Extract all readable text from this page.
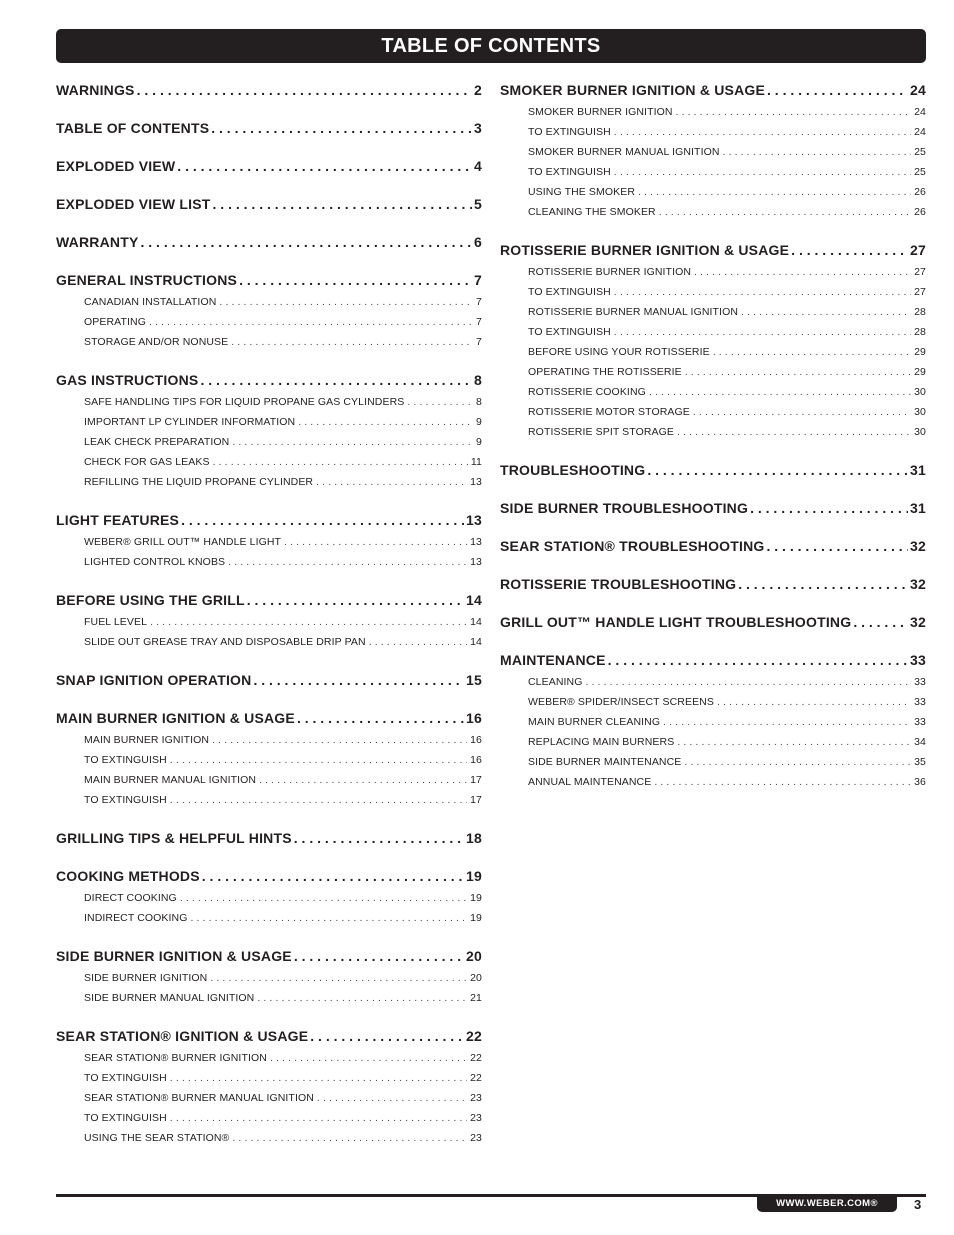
TABLE OF CONTENTS
WARNINGS . . .	2
TABLE OF CONTENTS . . .	3
EXPLODED VIEW . . .	4
EXPLODED VIEW LIST . . .	5
WARRANTY . . .	6
GENERAL INSTRUCTIONS . . .	7
CANADIAN INSTALLATION . . .	7
OPERATING . . .	7
STORAGE AND/OR NONUSE . . .	7
GAS INSTRUCTIONS . . .	8
SAFE HANDLING TIPS FOR LIQUID PROPANE GAS CYLINDERS . . .	8
IMPORTANT LP CYLINDER INFORMATION . . .	9
LEAK CHECK PREPARATION . . .	9
CHECK FOR GAS LEAKS . . .	11
REFILLING THE LIQUID PROPANE CYLINDER . . .	13
LIGHT FEATURES . . .	13
WEBER® GRILL OUT™ HANDLE LIGHT . . .	13
LIGHTED CONTROL KNOBS . . .	13
BEFORE USING THE GRILL . . .	14
FUEL LEVEL . . .	14
SLIDE OUT GREASE TRAY AND DISPOSABLE DRIP PAN . . .	14
SNAP IGNITION OPERATION . . .	15
MAIN BURNER IGNITION & USAGE . . .	16
MAIN BURNER IGNITION . . .	16
TO EXTINGUISH . . .	16
MAIN BURNER MANUAL IGNITION . . .	17
TO EXTINGUISH . . .	17
GRILLING TIPS & HELPFUL HINTS . . .	18
COOKING METHODS . . .	19
DIRECT COOKING . . .	19
INDIRECT COOKING . . .	19
SIDE BURNER IGNITION & USAGE . . .	20
SIDE BURNER IGNITION . . .	20
SIDE BURNER MANUAL IGNITION . . .	21
SEAR STATION® IGNITION & USAGE . . .	22
SEAR STATION® BURNER IGNITION . . .	22
TO EXTINGUISH . . .	22
SEAR STATION® BURNER MANUAL IGNITION . . .	23
TO EXTINGUISH . . .	23
USING THE SEAR STATION® . . .	23
SMOKER BURNER IGNITION & USAGE . . .	24
SMOKER BURNER IGNITION . . .	24
TO EXTINGUISH . . .	24
SMOKER BURNER MANUAL IGNITION . . .	25
TO EXTINGUISH . . .	25
USING THE SMOKER . . .	26
CLEANING THE SMOKER . . .	26
ROTISSERIE BURNER IGNITION & USAGE . . .	27
ROTISSERIE BURNER IGNITION . . .	27
TO EXTINGUISH . . .	27
ROTISSERIE BURNER MANUAL IGNITION . . .	28
TO EXTINGUISH . . .	28
BEFORE USING YOUR ROTISSERIE . . .	29
OPERATING THE ROTISSERIE . . .	29
ROTISSERIE COOKING . . .	30
ROTISSERIE MOTOR STORAGE . . .	30
ROTISSERIE SPIT STORAGE . . .	30
TROUBLESHOOTING . . .	31
SIDE BURNER TROUBLESHOOTING . . .	31
SEAR STATION® TROUBLESHOOTING . . .	32
ROTISSERIE TROUBLESHOOTING . . .	32
GRILL OUT™ HANDLE LIGHT TROUBLESHOOTING . . .	32
MAINTENANCE . . .	33
CLEANING . . .	33
WEBER® SPIDER/INSECT SCREENS . . .	33
MAIN BURNER CLEANING . . .	33
REPLACING MAIN BURNERS . . .	34
SIDE BURNER MAINTENANCE . . .	35
ANNUAL MAINTENANCE . . .	36
WWW.WEBER.COM®	3
